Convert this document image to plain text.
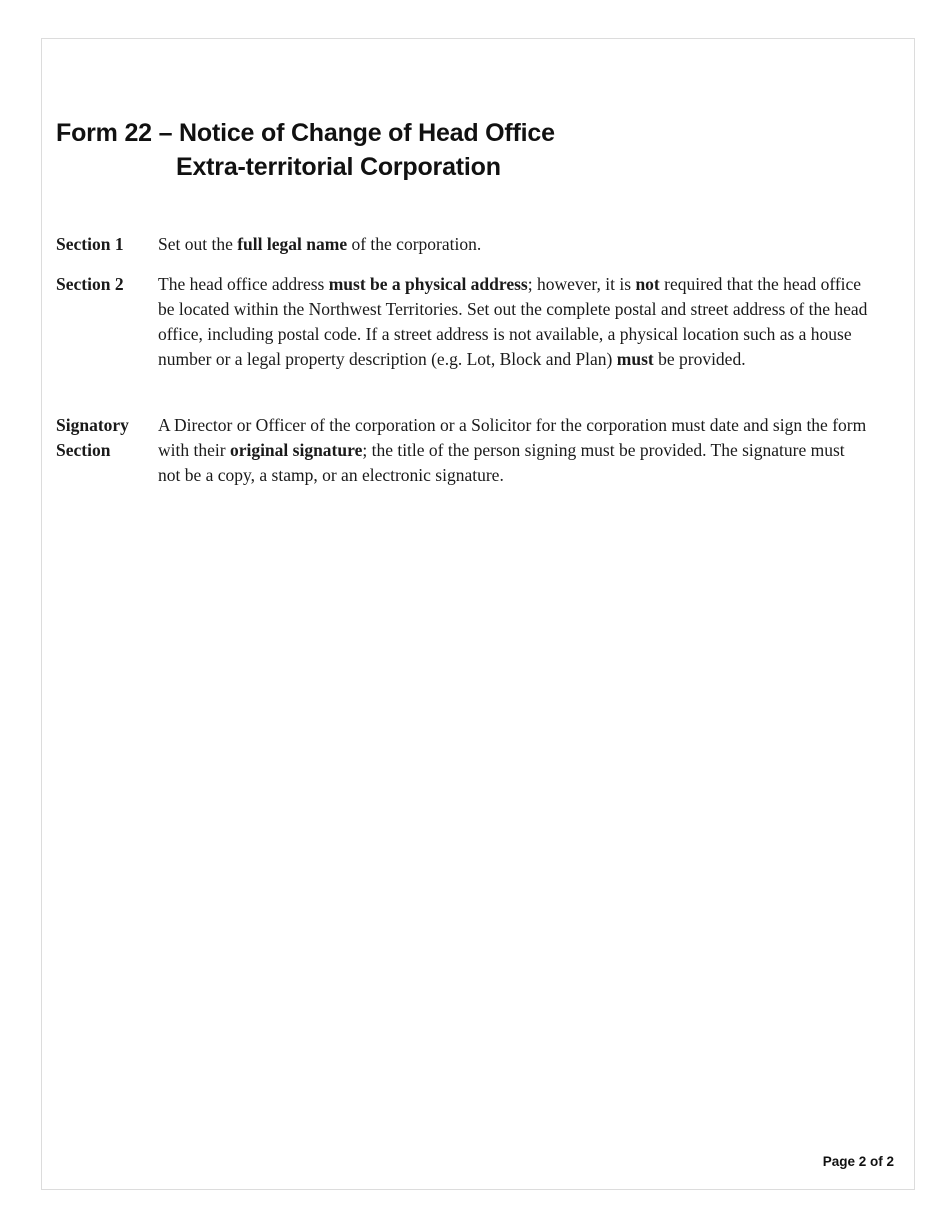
Form 22 – Notice of Change of Head Office
Extra-territorial Corporation
Section 1	Set out the full legal name of the corporation.
Section 2	The head office address must be a physical address; however, it is not required that the head office be located within the Northwest Territories. Set out the complete postal and street address of the head office, including postal code. If a street address is not available, a physical location such as a house number or a legal property description (e.g. Lot, Block and Plan) must be provided.
Signatory
Section
A Director or Officer of the corporation or a Solicitor for the corporation must date and sign the form with their original signature; the title of the person signing must be provided. The signature must not be a copy, a stamp, or an electronic signature.
Page 2 of 2
